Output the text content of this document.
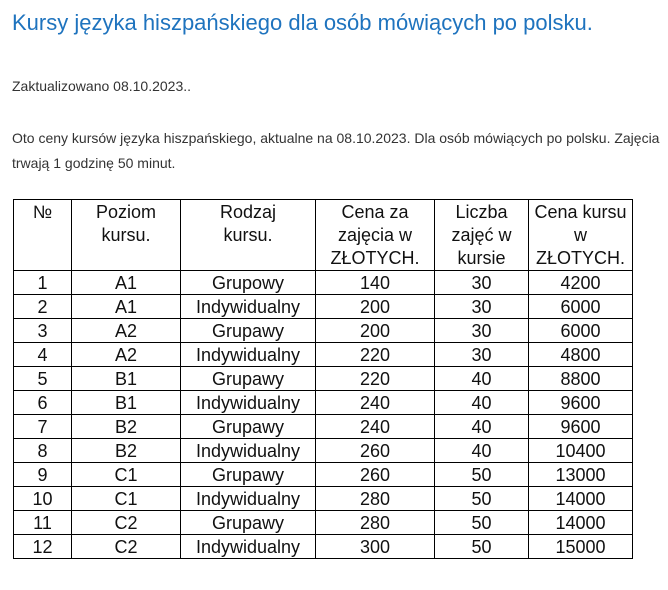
Kursy języka hiszpańskiego dla osób mówiących po polsku.

Zaktualizowano 08.10.2023..

Oto ceny kursów języka hiszpańskiego, aktualne na 08.10.2023. Dla osób mówiących po polsku. Zajęcia trwają 1 godzinę 50 minut.

№	Poziom kursu.	Rodzaj kursu.	Cena za zajęcia w ZŁOTYCH.	Liczba zajęć w kursie	Cena kursu w ZŁOTYCH.

1	A1	Grupowy	140	30	4200
2	A1	Indywidualny	200	30	6000
3	A2	Grupawy	200	30	6000
4	A2	Indywidualny	220	30	4800
5	B1	Grupawy	220	40	8800
6	B1	Indywidualny	240	40	9600
7	B2	Grupawy	240	40	9600
8	B2	Indywidualny	260	40	10400
9	C1	Grupawy	260	50	13000
10	C1	Indywidualny	280	50	14000
11	C2	Grupawy	280	50	14000
12	C2	Indywidualny	300	50	15000
